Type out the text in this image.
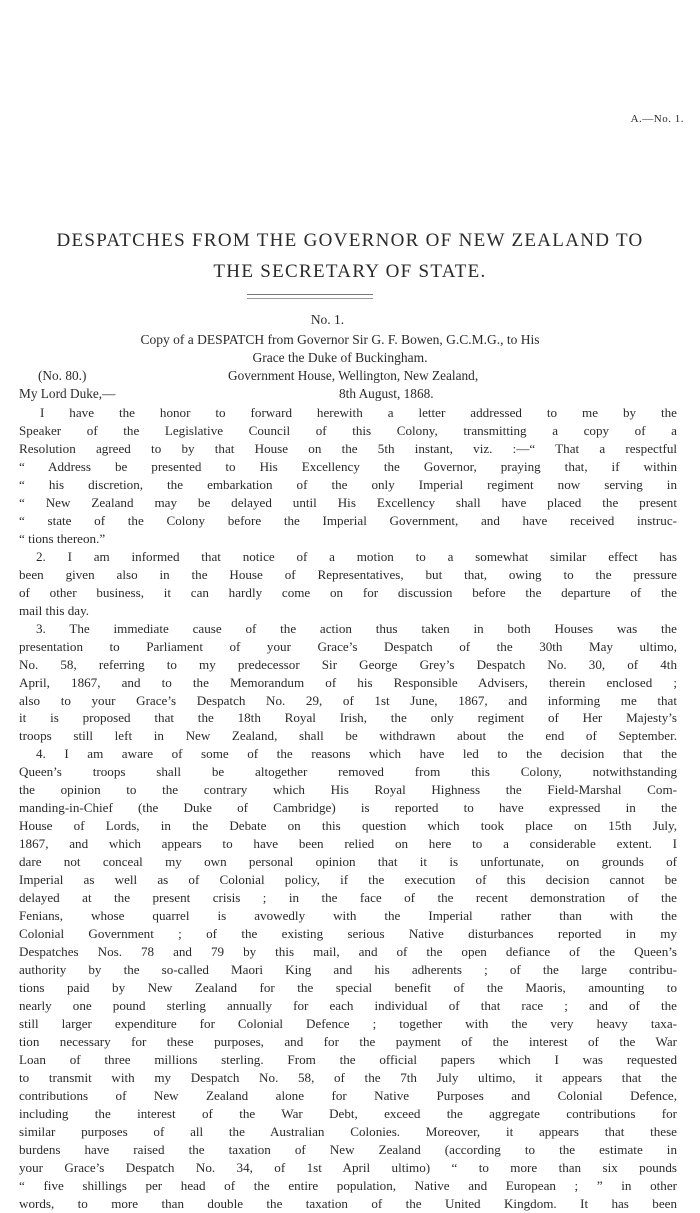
A.—No. 1.
DESPATCHES FROM THE GOVERNOR OF NEW ZEALAND TO
THE SECRETARY OF STATE.
No. 1.
Copy of a DESPATCH from Governor Sir G. F. Bowen, G.C.M.G., to His
Grace the Duke of Buckingham.
(No. 80.)	Government House, Wellington, New Zealand,
My Lord Duke,—	8th August, 1868.
I have the honor to forward herewith a letter addressed to me by the
Speaker of the Legislative Council of this Colony, transmitting a copy of a
Resolution agreed to by that House on the 5th instant, viz. :—“ That a respectful
“ Address be presented to His Excellency the Governor, praying that, if within
“ his discretion, the embarkation of the only Imperial regiment now serving in
“ New Zealand may be delayed until His Excellency shall have placed the present
“ state of the Colony before the Imperial Government, and have received instruc-
“ tions thereon.”
2. I am informed that notice of a motion to a somewhat similar effect has
been given also in the House of Representatives, but that, owing to the pressure
of other business, it can hardly come on for discussion before the departure of the
mail this day.
3. The immediate cause of the action thus taken in both Houses was the
presentation to Parliament of your Grace’s Despatch of the 30th May ultimo,
No. 58, referring to my predecessor Sir George Grey’s Despatch No. 30, of 4th
April, 1867, and to the Memorandum of his Responsible Advisers, therein enclosed ;
also to your Grace’s Despatch No. 29, of 1st June, 1867, and informing me that
it is proposed that the 18th Royal Irish, the only regiment of Her Majesty’s
troops still left in New Zealand, shall be withdrawn about the end of September.
4. I am aware of some of the reasons which have led to the decision that the
Queen’s troops shall be altogether removed from this Colony, notwithstanding
the opinion to the contrary which His Royal Highness the Field-Marshal Com-
manding-in-Chief (the Duke of Cambridge) is reported to have expressed in the
House of Lords, in the Debate on this question which took place on 15th July,
1867, and which appears to have been relied on here to a considerable extent. I
dare not conceal my own personal opinion that it is unfortunate, on grounds of
Imperial as well as of Colonial policy, if the execution of this decision cannot be
delayed at the present crisis ; in the face of the recent demonstration of the
Fenians, whose quarrel is avowedly with the Imperial rather than with the
Colonial Government ; of the existing serious Native disturbances reported in my
Despatches Nos. 78 and 79 by this mail, and of the open defiance of the Queen’s
authority by the so-called Maori King and his adherents ; of the large contribu-
tions paid by New Zealand for the special benefit of the Maoris, amounting to
nearly one pound sterling annually for each individual of that race ; and of the
still larger expenditure for Colonial Defence ; together with the very heavy taxa-
tion necessary for these purposes, and for the payment of the interest of the War
Loan of three millions sterling. From the official papers which I was requested
to transmit with my Despatch No. 58, of the 7th July ultimo, it appears that the
contributions of New Zealand alone for Native Purposes and Colonial Defence,
including the interest of the War Debt, exceed the aggregate contributions for
similar purposes of all the Australian Colonies. Moreover, it appears that these
burdens have raised the taxation of New Zealand (according to the estimate in
your Grace’s Despatch No. 34, of 1st April ultimo) “ to more than six pounds
“ five shillings per head of the entire population, Native and European ; ” in other
words, to more than double the taxation of the United Kingdom. It has been
